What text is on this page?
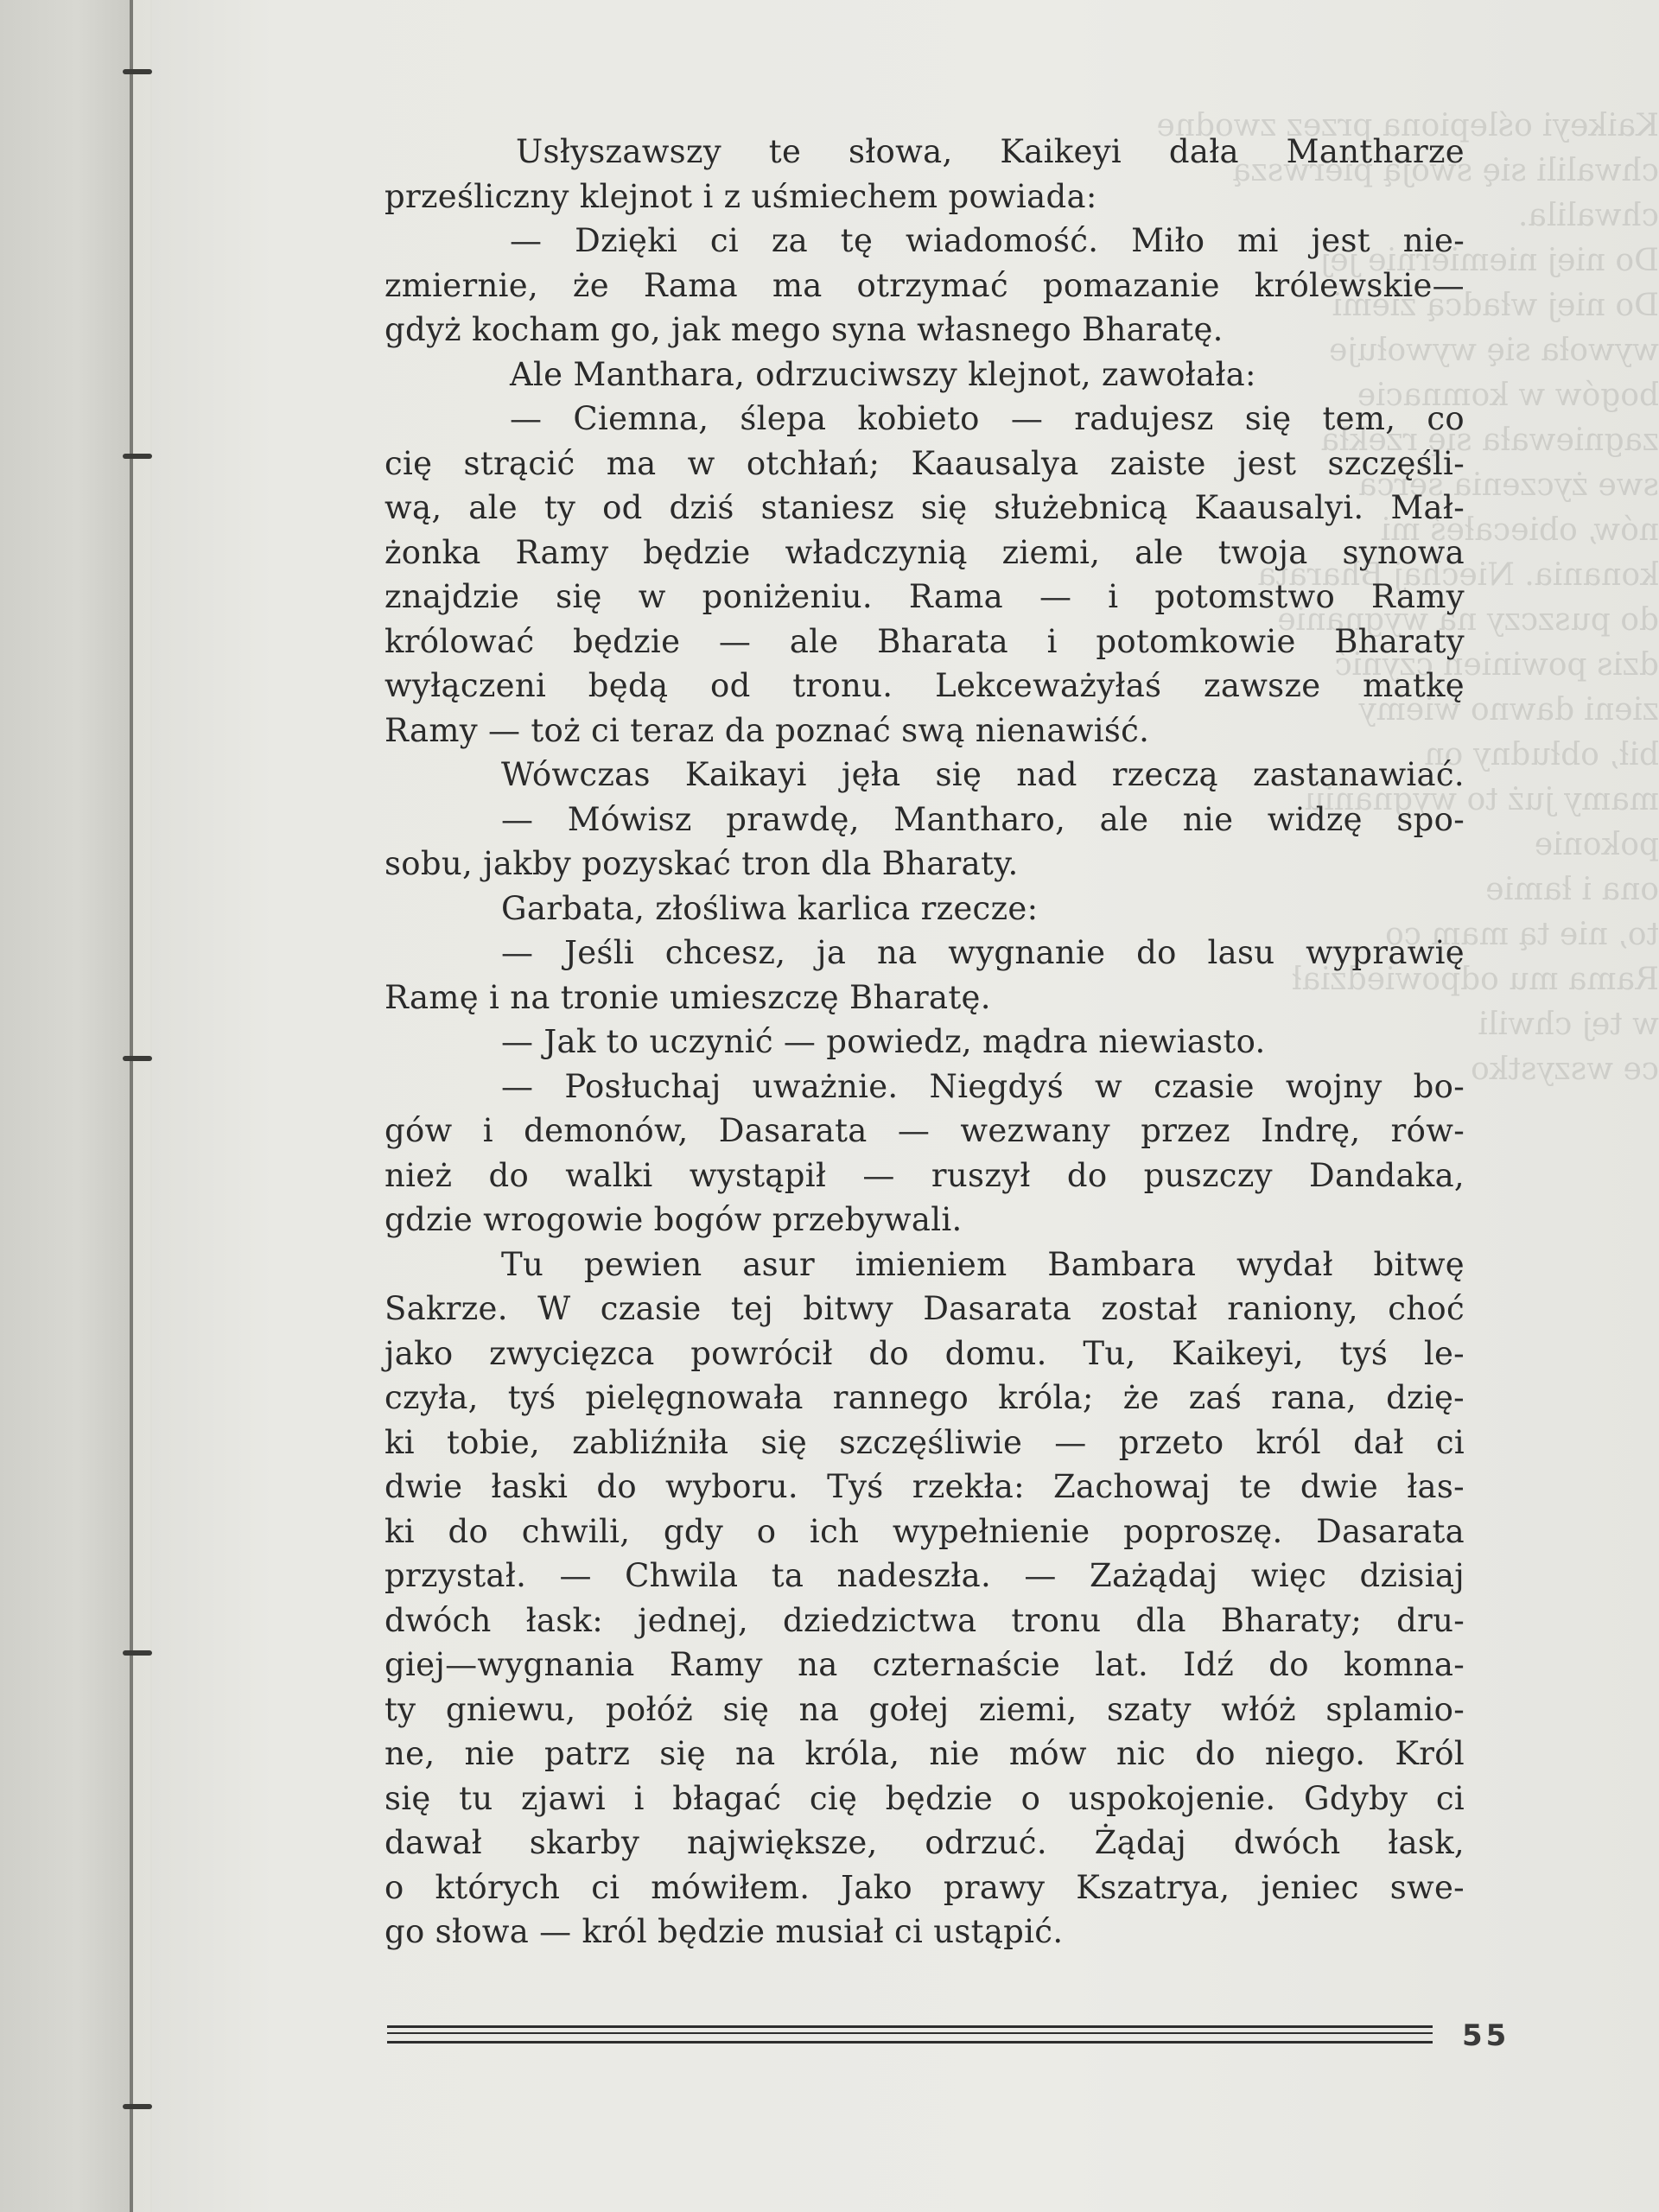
Kaikeyi oślepiona przez zwodne
chwalili się swoją pierwszą
chwalila.
Do niej niemiernie jej
Do niej władcą ziemi
wywoła się wywołuje
bogów w komnacie
zagniewała się rzekła
swe życzenia serca
nów, obiecałeś mi
konania. Niechaj Bharata
do puszczy na wygnanie
dzis powinien czynić
zieni dawno wiemy
bił, obłudny on
mamy już to wygnaniu
pokonie
ona i łamie
to, nie tą mam co
Rama mu odpowiedział
w tej chwili
ce wszystko
Usłyszawszy te słowa, Kaikeyi dała Mantharze
prześliczny klejnot i z uśmiechem powiada:
— Dzięki ci za tę wiadomość. Miło mi jest nie-
zmiernie, że Rama ma otrzymać pomazanie królewskie—
gdyż kocham go, jak mego syna własnego Bharatę.
Ale Manthara, odrzuciwszy klejnot, zawołała:
— Ciemna, ślepa kobieto — radujesz się tem, co
cię strącić ma w otchłań; Kaausalya zaiste jest szczęśli-
wą, ale ty od dziś staniesz się służebnicą Kaausalyi. Mał-
żonka Ramy będzie władczynią ziemi, ale twoja synowa
znajdzie się w poniżeniu. Rama — i potomstwo Ramy
królować będzie — ale Bharata i potomkowie Bharaty
wyłączeni będą od tronu. Lekceważyłaś zawsze matkę
Ramy — toż ci teraz da poznać swą nienawiść.
Wówczas Kaikayi jęła się nad rzeczą zastanawiać.
— Mówisz prawdę, Mantharo, ale nie widzę spo-
sobu, jakby pozyskać tron dla Bharaty.
Garbata, złośliwa karlica rzecze:
— Jeśli chcesz, ja na wygnanie do lasu wyprawię
Ramę i na tronie umieszczę Bharatę.
— Jak to uczynić — powiedz, mądra niewiasto.
— Posłuchaj uważnie. Niegdyś w czasie wojny bo-
gów i demonów, Dasarata — wezwany przez Indrę, rów-
nież do walki wystąpił — ruszył do puszczy Dandaka,
gdzie wrogowie bogów przebywali.
Tu pewien asur imieniem Bambara wydał bitwę
Sakrze. W czasie tej bitwy Dasarata został raniony, choć
jako zwycięzca powrócił do domu. Tu, Kaikeyi, tyś le-
czyła, tyś pielęgnowała rannego króla; że zaś rana, dzię-
ki tobie, zabliźniła się szczęśliwie — przeto król dał ci
dwie łaski do wyboru. Tyś rzekła: Zachowaj te dwie łas-
ki do chwili, gdy o ich wypełnienie poproszę. Dasarata
przystał. — Chwila ta nadeszła. — Zażądaj więc dzisiaj
dwóch łask: jednej, dziedzictwa tronu dla Bharaty; dru-
giej—wygnania Ramy na czternaście lat. Idź do komna-
ty gniewu, połóż się na gołej ziemi, szaty włóż splamio-
ne, nie patrz się na króla, nie mów nic do niego. Król
się tu zjawi i błagać cię będzie o uspokojenie. Gdyby ci
dawał skarby największe, odrzuć. Żądaj dwóch łask,
o których ci mówiłem. Jako prawy Kszatrya, jeniec swe-
go słowa — król będzie musiał ci ustąpić.
55
